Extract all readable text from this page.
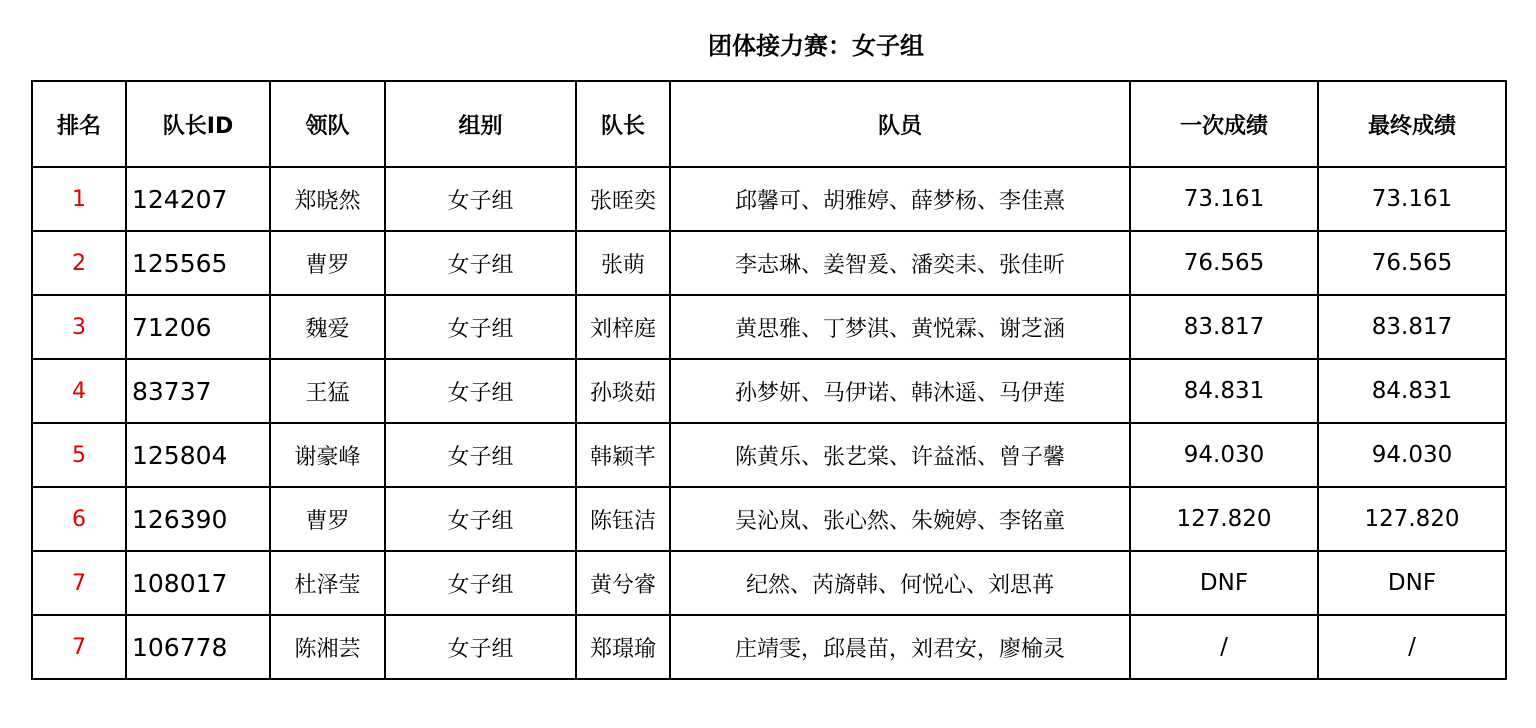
团体接力赛：女子组
排名	队长ID	领队	组别	队长	队员	一次成绩	最终成绩
1	124207	郑晓然	女子组	张晊奕	邱馨可、胡雅婷、薛梦杨、李佳熹	73.161	73.161
2	125565	曹罗	女子组	张萌	李志琳、姜智爰、潘奕耒、张佳昕	76.565	76.565
3	71206	魏爱	女子组	刘梓庭	黄思雅、丁梦淇、黄悦霖、谢芝涵	83.817	83.817
4	83737	王猛	女子组	孙琰茹	孙梦妍、马伊诺、韩沐遥、马伊莲	84.831	84.831
5	125804	谢豪峰	女子组	韩颖芊	陈黄乐、张艺棠、许益湉、曾子馨	94.030	94.030
6	126390	曹罗	女子组	陈钰洁	吴沁岚、张心然、朱婉婷、李铭童	127.820	127.820
7	108017	杜泽莹	女子组	黄兮睿	纪然、芮旖韩、何悦心、刘思苒	DNF	DNF
7	106778	陈湘芸	女子组	郑璟瑜	庄靖雯，邱晨苗，刘君安，廖榆灵	/	/
